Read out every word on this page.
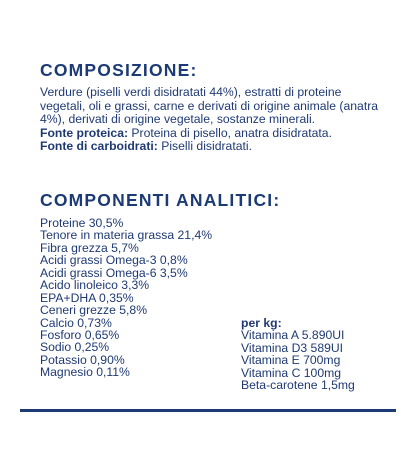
COMPOSIZIONE:

Verdure (piselli verdi disidratati 44%), estratti di proteine vegetali, oli e grassi, carne e derivati di origine animale (anatra 4%), derivati di origine vegetale, sostanze minerali.

Fonte proteica: Proteina di pisello, anatra disidratata.

Fonte di carboidrati: Piselli disidratati.

COMPONENTI ANALITICI:
Proteine 30,5%
Tenore in materia grassa 21,4%
Fibra grezza 5,7%
Acidi grassi Omega-3 0,8%
Acidi grassi Omega-6 3,5%
Acido linoleico 3,3%
EPA+DHA 0,35%
Ceneri grezze 5,8%
Calcio 0,73%
Fosforo 0,65%
Sodio 0,25%
Potassio 0,90%
Magnesio 0,11%
per kg:
Vitamina A 5.890UI
Vitamina D3 589UI
Vitamina E 700mg
Vitamina C 100mg
Beta-carotene 1,5mg
